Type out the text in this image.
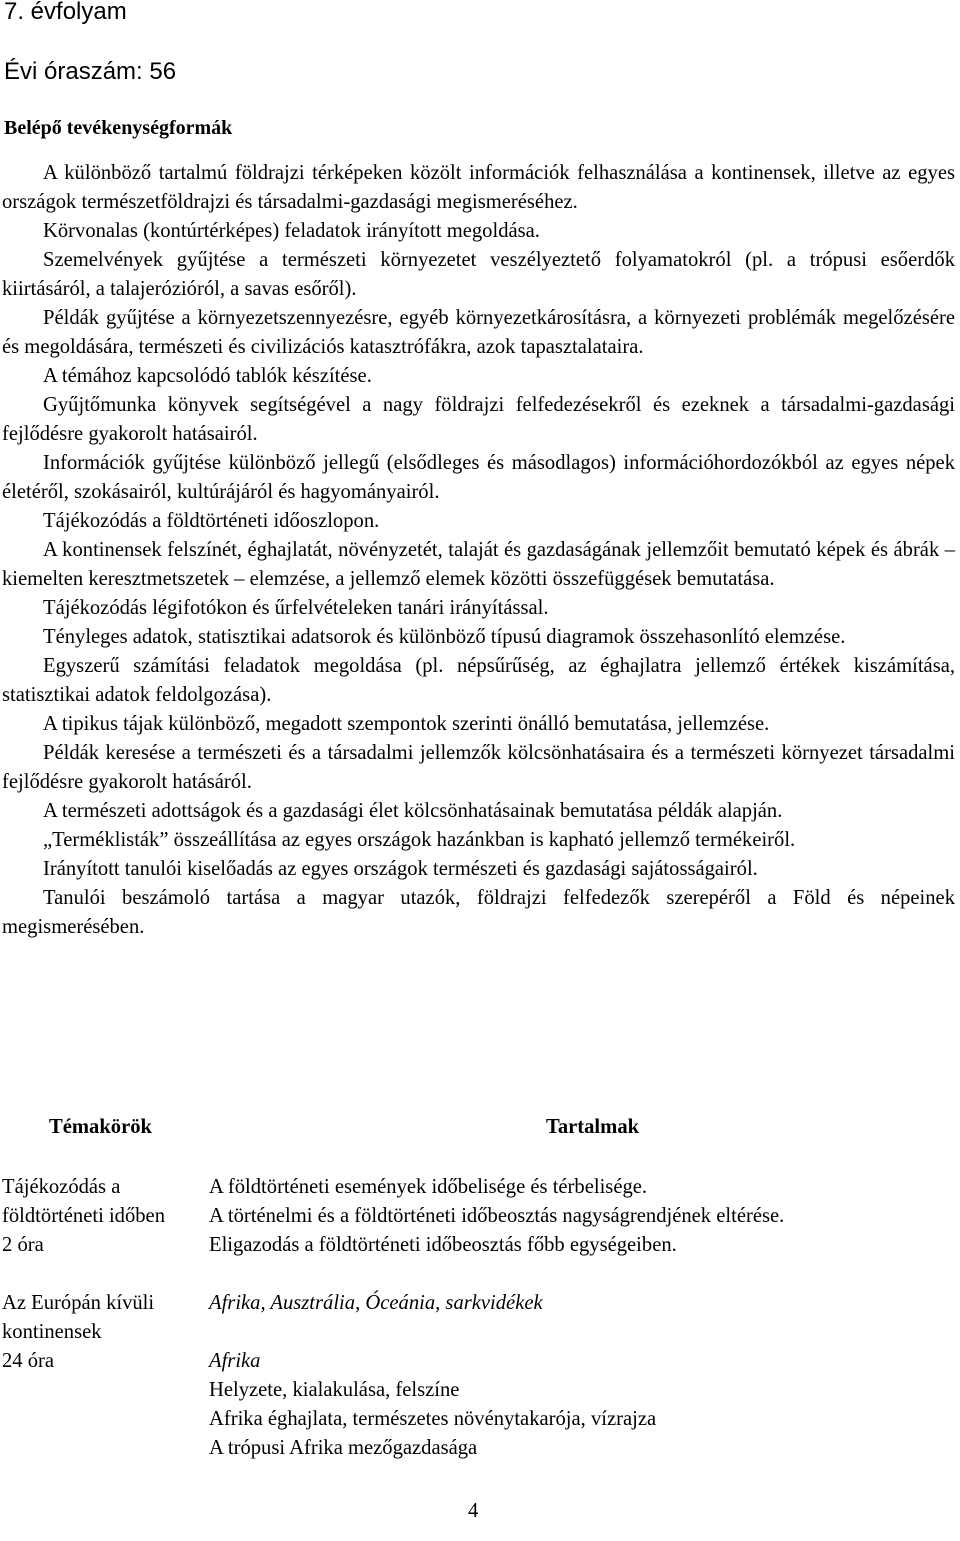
7. évfolyam
Évi óraszám: 56
Belépő tevékenységformák

A különböző tartalmú földrajzi térképeken közölt információk felhasználása a kontinensek, illetve az egyes országok természetföldrajzi és társadalmi-gazdasági megismeréséhez.

Körvonalas (kontúrtérképes) feladatok irányított megoldása.

Szemelvények gyűjtése a természeti környezetet veszélyeztető folyamatokról (pl. a trópusi esőerdők kiirtásáról, a talajerózióról, a savas esőről).

Példák gyűjtése a környezetszennyezésre, egyéb környezetkárosításra, a környezeti problémák megelőzésére és megoldására, természeti és civilizációs katasztrófákra, azok tapasztalataira.

A témához kapcsolódó tablók készítése.

Gyűjtőmunka könyvek segítségével a nagy földrajzi felfedezésekről és ezeknek a társadalmi-gazdasági fejlődésre gyakorolt hatásairól.

Információk gyűjtése különböző jellegű (elsődleges és másodlagos) információhordozókból az egyes népek életéről, szokásairól, kultúrájáról és hagyományairól.

Tájékozódás a földtörténeti időoszlopon.

A kontinensek felszínét, éghajlatát, növényzetét, talaját és gazdaságának jellemzőit bemutató képek és ábrák – kiemelten keresztmetszetek – elemzése, a jellemző elemek közötti összefüggések bemutatása.

Tájékozódás légifotókon és űrfelvételeken tanári irányítással.

Tényleges adatok, statisztikai adatsorok és különböző típusú diagramok összehasonlító elemzése.

Egyszerű számítási feladatok megoldása (pl. népsűrűség, az éghajlatra jellemző értékek kiszámítása, statisztikai adatok feldolgozása).

A tipikus tájak különböző, megadott szempontok szerinti önálló bemutatása, jellemzése.

Példák keresése a természeti és a társadalmi jellemzők kölcsönhatásaira és a természeti környezet társadalmi fejlődésre gyakorolt hatásáról.

A természeti adottságok és a gazdasági élet kölcsönhatásainak bemutatása példák alapján.

„Terméklisták” összeállítása az egyes országok hazánkban is kapható jellemző termékeiről.

Irányított tanulói kiselőadás az egyes országok természeti és gazdasági sajátosságairól.

Tanulói beszámoló tartása a magyar utazók, földrajzi felfedezők szerepéről a Föld és népeinek megismerésében.

Témakörök	Tartalmak
Tájékozódás a
földtörténeti időben
2 óra
A földtörténeti események időbelisége és térbelisége.
A történelmi és a földtörténeti időbeosztás nagyságrendjének eltérése.
Eligazodás a földtörténeti időbeosztás főbb egységeiben.
Az Európán kívüli
kontinensek
24 óra
Afrika, Ausztrália, Óceánia, sarkvidékek

Afrika
Helyzete, kialakulása, felszíne
Afrika éghajlata, természetes növénytakarója, vízrajza
A trópusi Afrika mezőgazdasága
4
